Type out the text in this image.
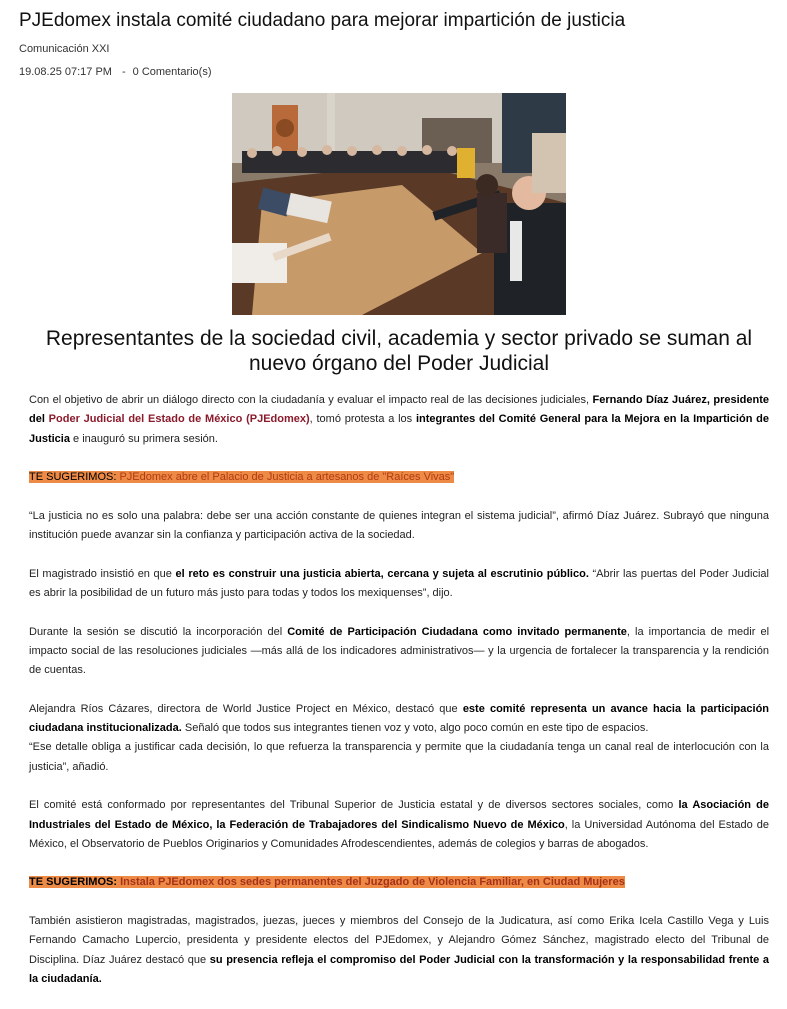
PJEdomex instala comité ciudadano para mejorar impartición de justicia
Comunicación XXI
19.08.25 07:17 PM - 0 Comentario(s)
Representantes de la sociedad civil, academia y sector privado se suman al nuevo órgano del Poder Judicial

Con el objetivo de abrir un diálogo directo con la ciudadanía y evaluar el impacto real de las decisiones judiciales, Fernando Díaz Juárez, presidente del Poder Judicial del Estado de México (PJEdomex), tomó protesta a los integrantes del Comité General para la Mejora en la Impartición de Justicia e inauguró su primera sesión.

TE SUGERIMOS: PJEdomex abre el Palacio de Justicia a artesanos de "Raíces Vivas"

“La justicia no es solo una palabra: debe ser una acción constante de quienes integran el sistema judicial”, afirmó Díaz Juárez. Subrayó que ninguna institución puede avanzar sin la confianza y participación activa de la sociedad.

El magistrado insistió en que el reto es construir una justicia abierta, cercana y sujeta al escrutinio público. “Abrir las puertas del Poder Judicial es abrir la posibilidad de un futuro más justo para todas y todos los mexiquenses”, dijo.

Durante la sesión se discutió la incorporación del Comité de Participación Ciudadana como invitado permanente, la importancia de medir el impacto social de las resoluciones judiciales —más allá de los indicadores administrativos— y la urgencia de fortalecer la transparencia y la rendición de cuentas.

Alejandra Ríos Cázares, directora de World Justice Project en México, destacó que este comité representa un avance hacia la participación ciudadana institucionalizada. Señaló que todos sus integrantes tienen voz y voto, algo poco común en este tipo de espacios.

“Ese detalle obliga a justificar cada decisión, lo que refuerza la transparencia y permite que la ciudadanía tenga un canal real de interlocución con la justicia”, añadió.

El comité está conformado por representantes del Tribunal Superior de Justicia estatal y de diversos sectores sociales, como la Asociación de Industriales del Estado de México, la Federación de Trabajadores del Sindicalismo Nuevo de México, la Universidad Autónoma del Estado de México, el Observatorio de Pueblos Originarios y Comunidades Afrodescendientes, además de colegios y barras de abogados.

TE SUGERIMOS: Instala PJEdomex dos sedes permanentes del Juzgado de Violencia Familiar, en Ciudad Mujeres

También asistieron magistradas, magistrados, juezas, jueces y miembros del Consejo de la Judicatura, así como Erika Icela Castillo Vega y Luis Fernando Camacho Lupercio, presidenta y presidente electos del PJEdomex, y Alejandro Gómez Sánchez, magistrado electo del Tribunal de Disciplina. Díaz Juárez destacó que su presencia refleja el compromiso del Poder Judicial con la transformación y la responsabilidad frente a la ciudadanía.
